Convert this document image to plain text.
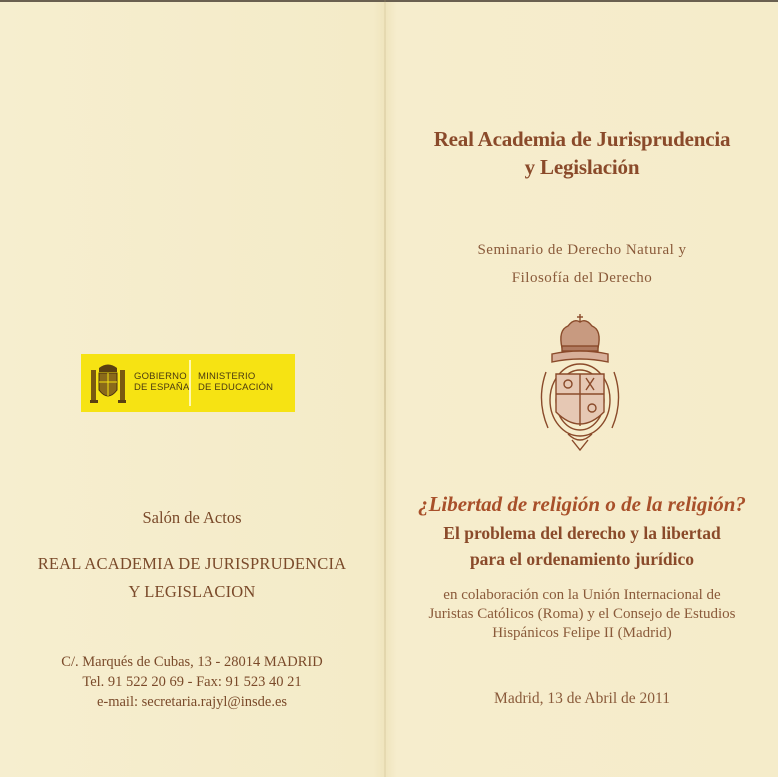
GOBIERNO
DE ESPAÑA
MINISTERIO
DE EDUCACIÓN
Salón de Actos
REAL ACADEMIA DE JURISPRUDENCIA
Y LEGISLACION
C/. Marqués de Cubas, 13 - 28014 MADRID
Tel. 91 522 20 69 - Fax: 91 523 40 21
e-mail: secretaria.rajyl@insde.es
Real Academia de Jurisprudencia
y Legislación
Seminario de Derecho Natural y
Filosofía del Derecho
¿Libertad de religión o de la religión?
El problema del derecho y la libertad
para el ordenamiento jurídico
en colaboración con la Unión Internacional de
Juristas Católicos (Roma) y el Consejo de Estudios
Hispánicos Felipe II (Madrid)
Madrid, 13 de Abril de 2011
